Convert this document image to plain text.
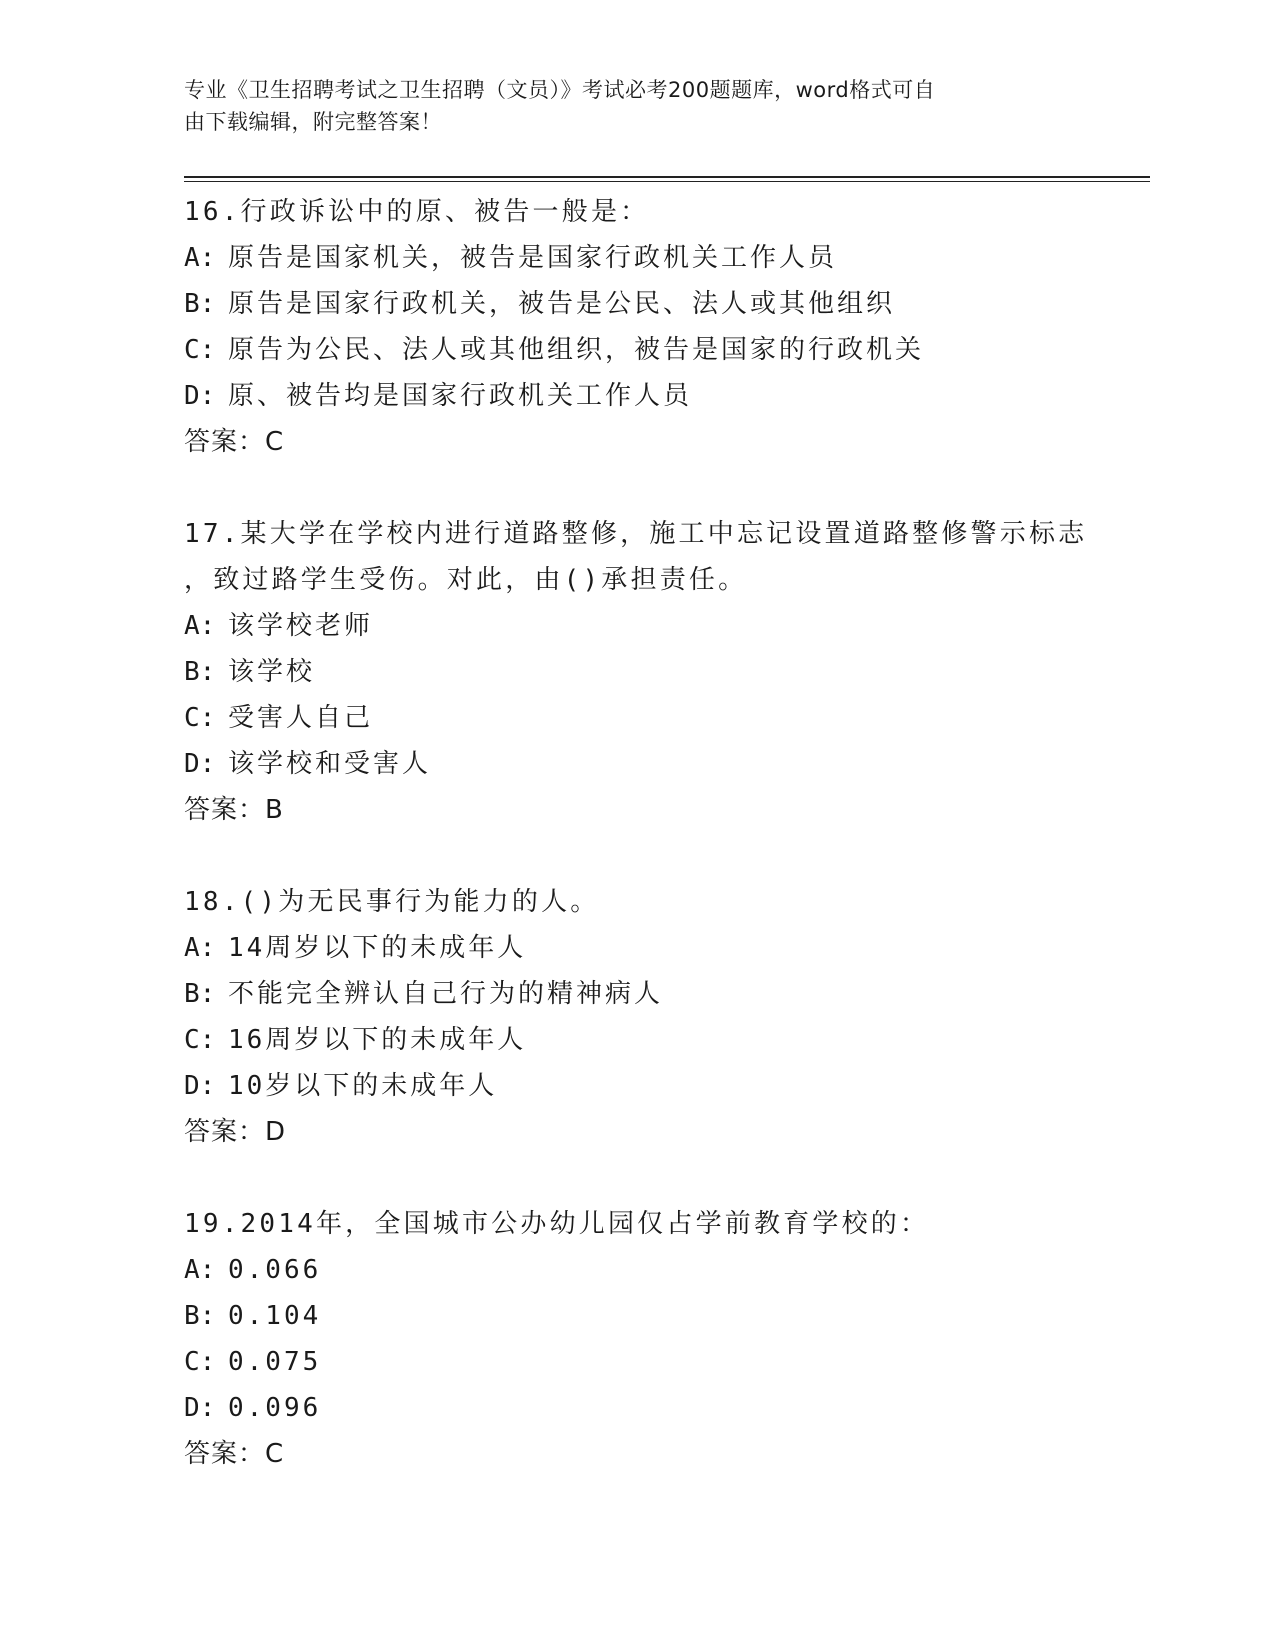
专业《卫生招聘考试之卫生招聘（文员）》考试必考200题题库，word格式可自
由下载编辑，附完整答案！
16.行政诉讼中的原、被告一般是：
A: 原告是国家机关，被告是国家行政机关工作人员
B: 原告是国家行政机关，被告是公民、法人或其他组织
C: 原告为公民、法人或其他组织，被告是国家的行政机关
D: 原、被告均是国家行政机关工作人员
答案：C
17.某大学在学校内进行道路整修，施工中忘记设置道路整修警示标志
，致过路学生受伤。对此，由()承担责任。
A: 该学校老师
B: 该学校
C: 受害人自己
D: 该学校和受害人
答案：B
18.()为无民事行为能力的人。
A: 14周岁以下的未成年人
B: 不能完全辨认自己行为的精神病人
C: 16周岁以下的未成年人
D: 10岁以下的未成年人
答案：D
19.2014年，全国城市公办幼儿园仅占学前教育学校的：
A: 0.066
B: 0.104
C: 0.075
D: 0.096
答案：C
